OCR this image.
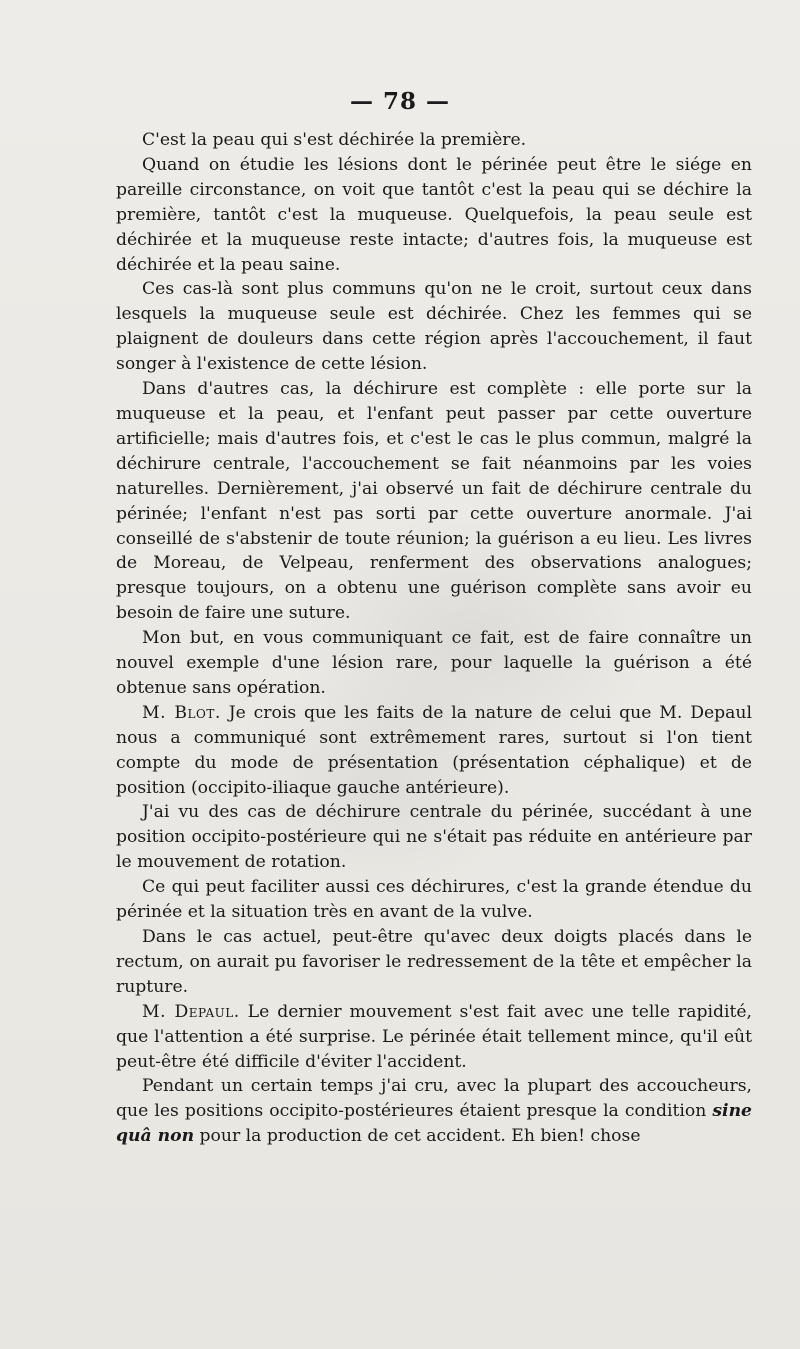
— 78 —

C'est la peau qui s'est déchirée la première.

Quand on étudie les lésions dont le périnée peut être le siége en pareille circonstance, on voit que tantôt c'est la peau qui se déchire la première, tantôt c'est la muqueuse. Quelquefois, la peau seule est déchirée et la muqueuse reste intacte; d'autres fois, la muqueuse est déchirée et la peau saine.

Ces cas-là sont plus communs qu'on ne le croit, surtout ceux dans lesquels la muqueuse seule est déchirée. Chez les femmes qui se plaignent de douleurs dans cette région après l'accouchement, il faut songer à l'existence de cette lésion.

Dans d'autres cas, la déchirure est complète : elle porte sur la muqueuse et la peau, et l'enfant peut passer par cette ouverture artificielle; mais d'autres fois, et c'est le cas le plus commun, malgré la déchirure centrale, l'accouchement se fait néanmoins par les voies naturelles. Dernièrement, j'ai observé un fait de déchirure centrale du périnée; l'enfant n'est pas sorti par cette ouverture anormale. J'ai conseillé de s'abstenir de toute réunion; la guérison a eu lieu. Les livres de Moreau, de Velpeau, renferment des observations analogues; presque toujours, on a obtenu une guérison complète sans avoir eu besoin de faire une suture.

Mon but, en vous communiquant ce fait, est de faire connaître un nouvel exemple d'une lésion rare, pour laquelle la guérison a été obtenue sans opération.

M. Blot. Je crois que les faits de la nature de celui que M. Depaul nous a communiqué sont extrêmement rares, surtout si l'on tient compte du mode de présentation (présentation céphalique) et de position (occipito-iliaque gauche antérieure).

J'ai vu des cas de déchirure centrale du périnée, succédant à une position occipito-postérieure qui ne s'était pas réduite en antérieure par le mouvement de rotation.

Ce qui peut faciliter aussi ces déchirures, c'est la grande étendue du périnée et la situation très en avant de la vulve.

Dans le cas actuel, peut-être qu'avec deux doigts placés dans le rectum, on aurait pu favoriser le redressement de la tête et empêcher la rupture.

M. Depaul. Le dernier mouvement s'est fait avec une telle rapidité, que l'attention a été surprise. Le périnée était tellement mince, qu'il eût peut-être été difficile d'éviter l'accident.

Pendant un certain temps j'ai cru, avec la plupart des accoucheurs, que les positions occipito-postérieures étaient presque la condition sine quâ non pour la production de cet accident. Eh bien! chose
